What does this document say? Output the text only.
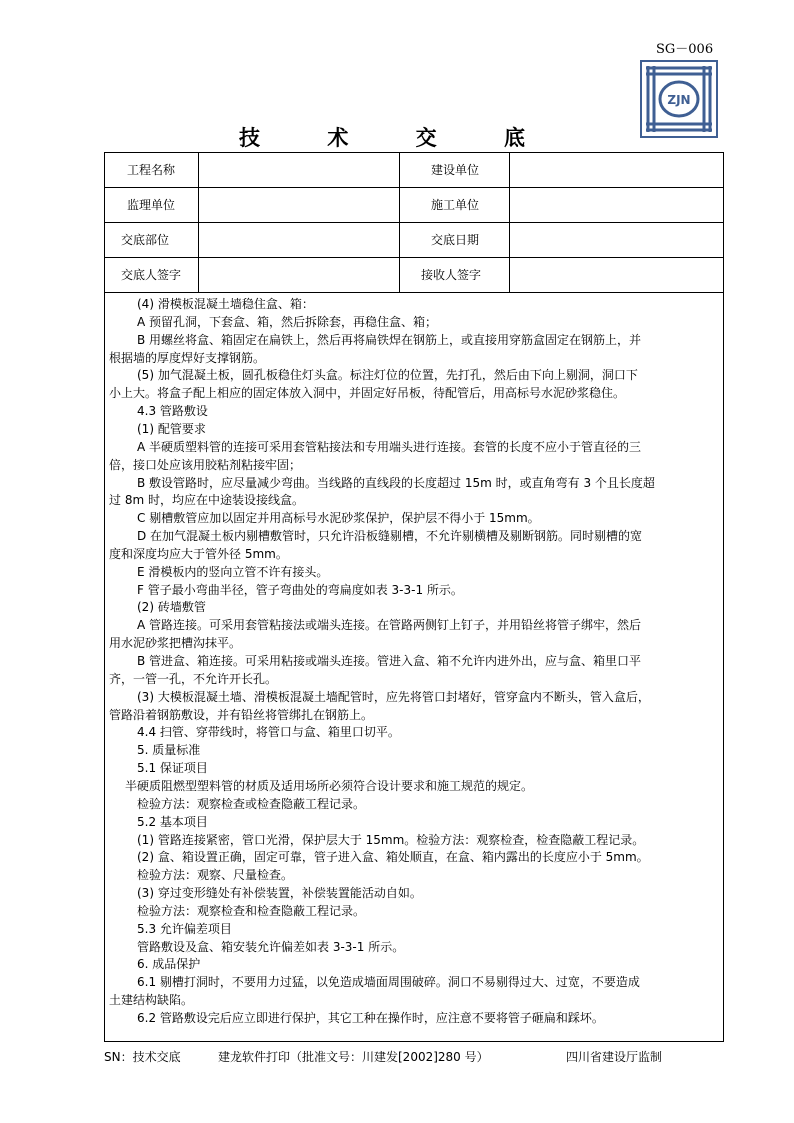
SG－006
ZJN
技 术 交 底
工程名称	建设单位
监理单位	施工单位
交底部位	交底日期
交底人签字	接收人签字
(4) 滑模板混凝土墙稳住盒、箱：
A 预留孔洞，下套盒、箱，然后拆除套，再稳住盒、箱；
B 用螺丝将盒、箱固定在扁铁上，然后再将扁铁焊在钢筋上，或直接用穿筋盒固定在钢筋上，并
根据墙的厚度焊好支撑钢筋。
(5) 加气混凝土板，圆孔板稳住灯头盒。标注灯位的位置，先打孔，然后由下向上剔洞，洞口下
小上大。将盒子配上相应的固定体放入洞中，并固定好吊板，待配管后，用高标号水泥砂浆稳住。
4.3 管路敷设
(1) 配管要求
A 半硬质塑料管的连接可采用套管粘接法和专用端头进行连接。套管的长度不应小于管直径的三
倍，接口处应该用胶粘剂粘接牢固；
B 敷设管路时，应尽量减少弯曲。当线路的直线段的长度超过 15m 时，或直角弯有 3 个且长度超
过 8m 时，均应在中途装设接线盒。
C 剔槽敷管应加以固定并用高标号水泥砂浆保护，保护层不得小于 15mm。
D 在加气混凝土板内剔槽敷管时，只允许沿板缝剔槽，不允许剔横槽及剔断钢筋。同时剔槽的宽
度和深度均应大于管外径 5mm。
E 滑模板内的竖向立管不许有接头。
F 管子最小弯曲半径，管子弯曲处的弯扁度如表 3-3-1 所示。
(2) 砖墙敷管
A 管路连接。可采用套管粘接法或端头连接。在管路两侧钉上钉子，并用铅丝将管子绑牢，然后
用水泥砂浆把槽沟抹平。
B 管进盒、箱连接。可采用粘接或端头连接。管进入盒、箱不允许内进外出，应与盒、箱里口平
齐，一管一孔，不允许开长孔。
(3) 大模板混凝土墙、滑模板混凝土墙配管时，应先将管口封堵好，管穿盒内不断头，管入盒后，
管路沿着钢筋敷设，并有铅丝将管绑扎在钢筋上。
4.4 扫管、穿带线时，将管口与盒、箱里口切平。
5. 质量标准
5.1 保证项目
半硬质阻燃型塑料管的材质及适用场所必须符合设计要求和施工规范的规定。
检验方法：观察检查或检查隐蔽工程记录。
5.2 基本项目
(1) 管路连接紧密，管口光滑，保护层大于 15mm。检验方法：观察检查，检查隐蔽工程记录。
(2) 盒、箱设置正确，固定可靠，管子进入盒、箱处顺直，在盒、箱内露出的长度应小于 5mm。
检验方法：观察、尺量检查。
(3) 穿过变形缝处有补偿装置，补偿装置能活动自如。
检验方法：观察检查和检查隐蔽工程记录。
5.3 允许偏差项目
管路敷设及盒、箱安装允许偏差如表 3-3-1 所示。
6. 成品保护
6.1 剔槽打洞时，不要用力过猛，以免造成墙面周围破碎。洞口不易剔得过大、过宽，不要造成
土建结构缺陷。
6.2 管路敷设完后应立即进行保护，其它工种在操作时，应注意不要将管子砸扁和踩坏。
SN：技术交底	建龙软件打印（批准文号：川建发[2002]280 号）	四川省建设厅监制
